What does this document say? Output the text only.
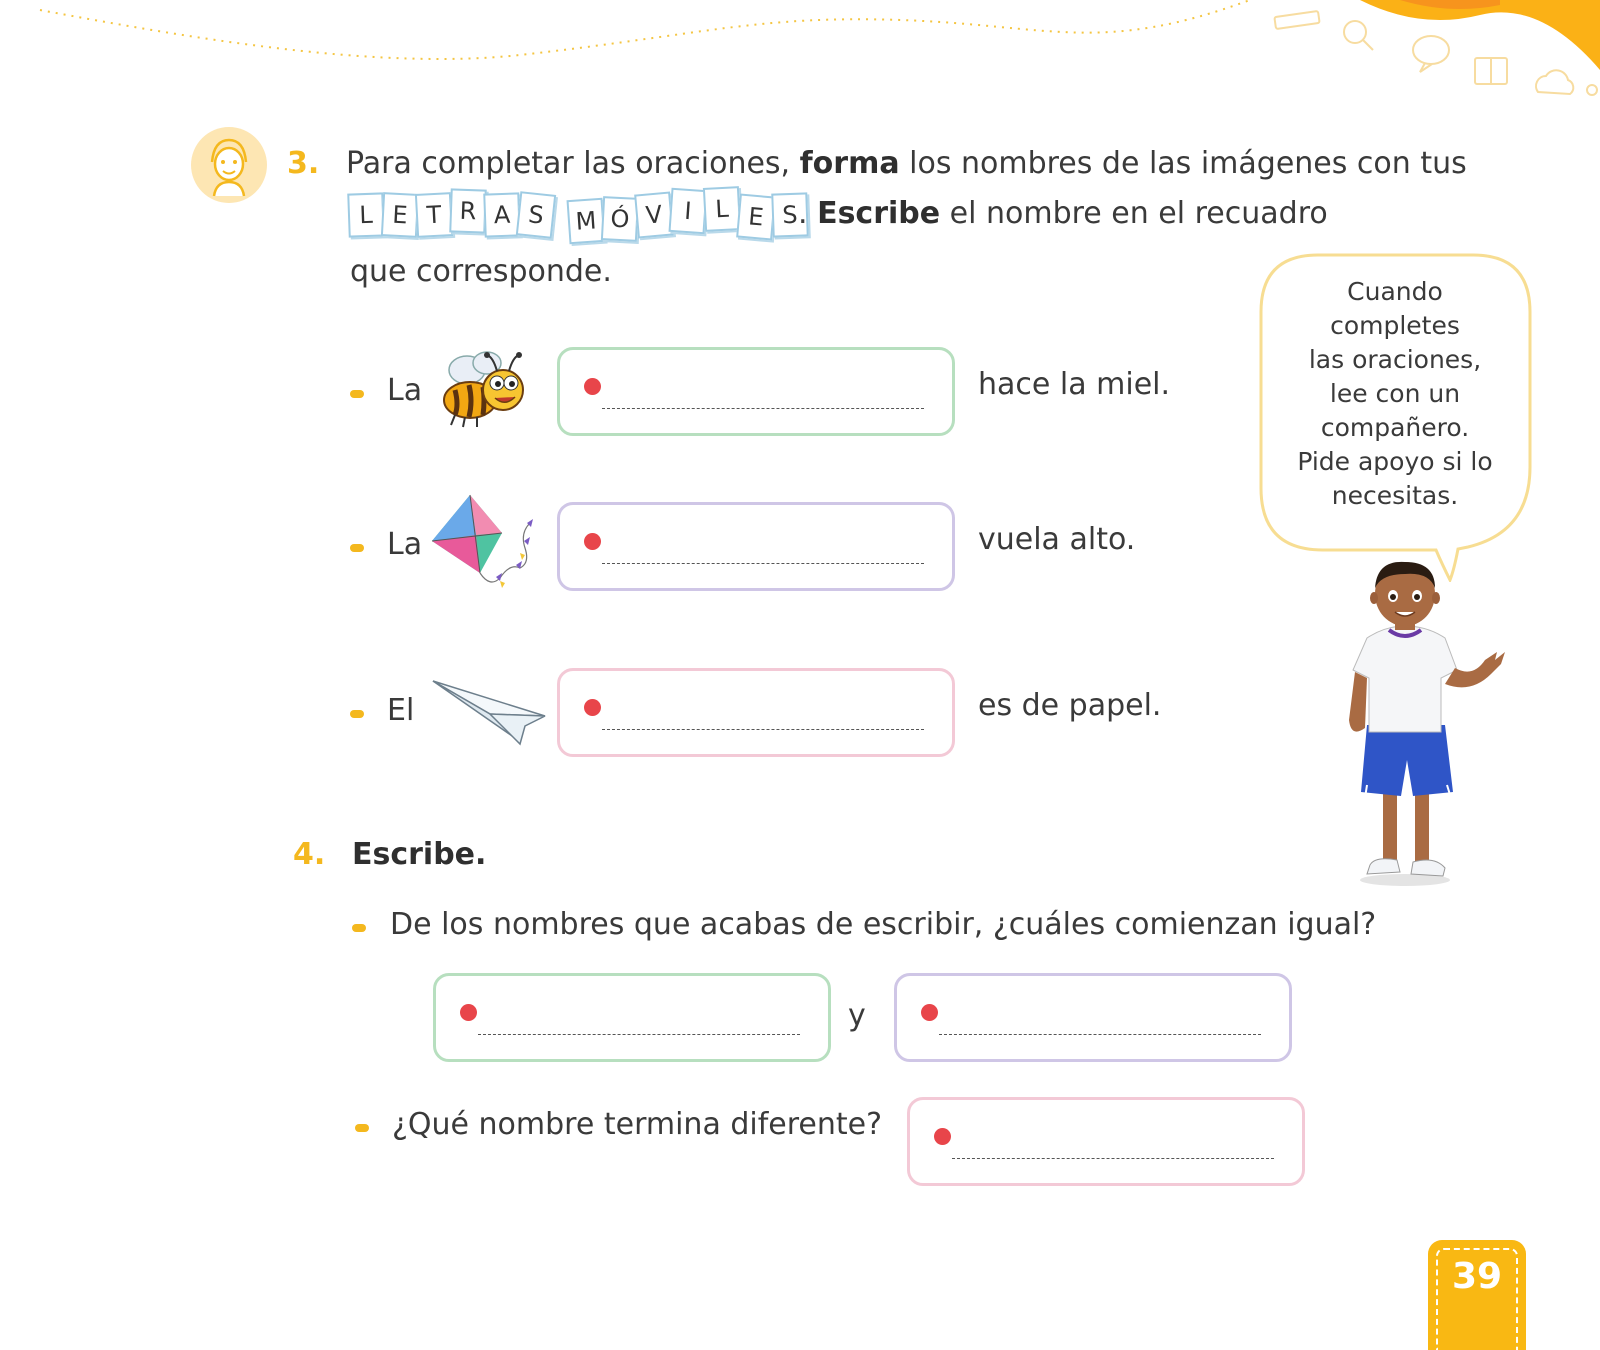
3. Para completar las oraciones, forma los nombres de las imágenes con tus
L E T R A S	M Ó V I L E S . Escribe el nombre en el recuadro
que corresponde.
La	hace la miel.
La	vuela alto.
El	es de papel.
Cuando
completes
las oraciones,
lee con un
compañero.
Pide apoyo si lo
necesitas.
4. Escribe.
De los nombres que acabas de escribir, ¿cuáles comienzan igual?
y
¿Qué nombre termina diferente?
39
